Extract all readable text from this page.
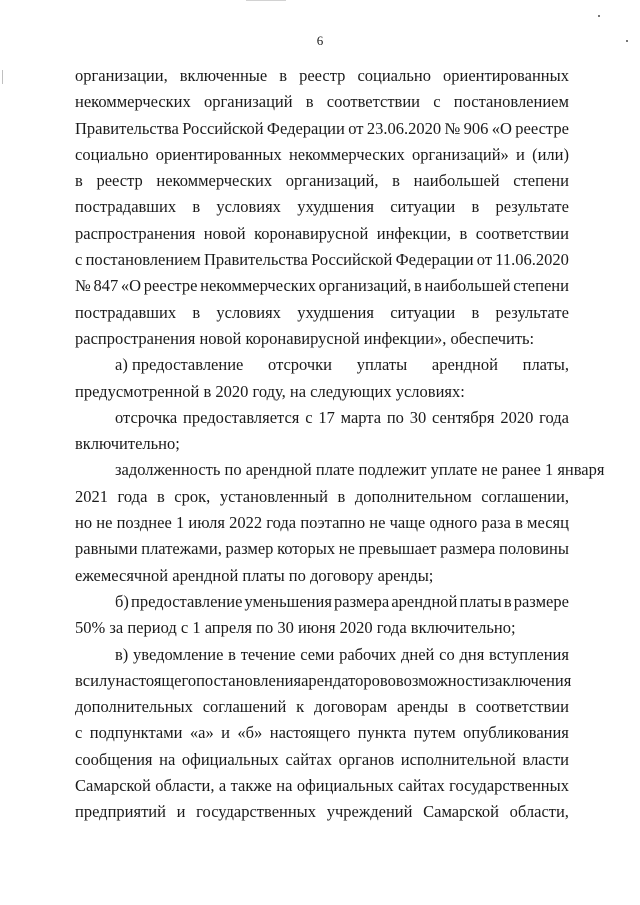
6
организации, включенные в реестр социально ориентированных
некоммерческих организаций в соответствии с постановлением
Правительства Российской Федерации от 23.06.2020 № 906 «О реестре
социально ориентированных некоммерческих организаций» и (или)
в реестр некоммерческих организаций, в наибольшей степени
пострадавших в условиях ухудшения ситуации в результате
распространения новой коронавирусной инфекции, в соответствии
с постановлением Правительства Российской Федерации от 11.06.2020
№ 847 «О реестре некоммерческих организаций, в наибольшей степени
пострадавших в условиях ухудшения ситуации в результате
распространения новой коронавирусной инфекции», обеспечить:
а) предоставление отсрочки уплаты арендной платы,
предусмотренной в 2020 году, на следующих условиях:
отсрочка предоставляется с 17 марта по 30 сентября 2020 года
включительно;
задолженность по арендной плате подлежит уплате не ранее 1 января
2021 года в срок, установленный в дополнительном соглашении,
но не позднее 1 июля 2022 года поэтапно не чаще одного раза в месяц
равными платежами, размер которых не превышает размера половины
ежемесячной арендной платы по договору аренды;
б) предоставление уменьшения размера арендной платы в размере
50% за период с 1 апреля по 30 июня 2020 года включительно;
в) уведомление в течение семи рабочих дней со дня вступления
в силу настоящего постановления арендаторов о возможности заключения
дополнительных соглашений к договорам аренды в соответствии
с подпунктами «а» и «б» настоящего пункта путем опубликования
сообщения на официальных сайтах органов исполнительной власти
Самарской области, а также на официальных сайтах государственных
предприятий и государственных учреждений Самарской области,
